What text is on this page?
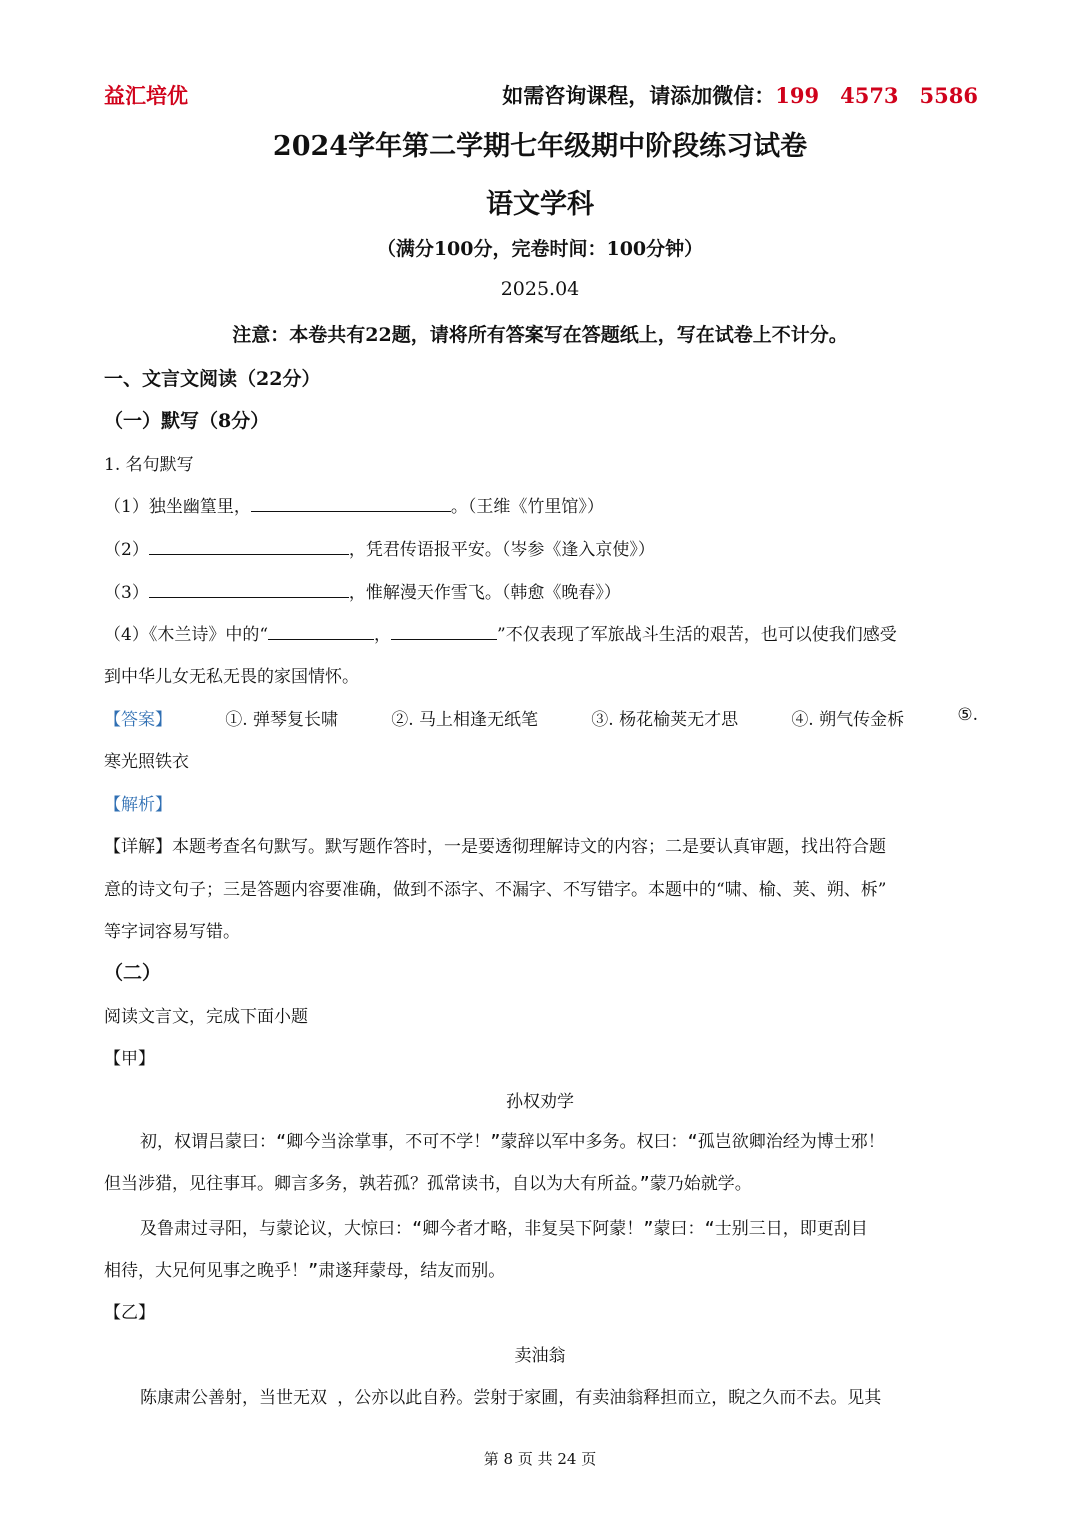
益汇培优	如需咨询课程，请添加微信：199　4573　5586
2024学年第二学期七年级期中阶段练习试卷
语文学科
（满分100分，完卷时间：100分钟）
2025.04
注意：本卷共有22题，请将所有答案写在答题纸上，写在试卷上不计分。
一、文言文阅读（22分）
（一）默写（8分）
1. 名句默写
（1）独坐幽篁里，	。（王维《竹里馆》）
（2）	，凭君传语报平安。（岑参《逢入京使》）
（3）	，惟解漫天作雪飞。（韩愈《晚春》）
（4）《木兰诗》中的“	，	”不仅表现了军旅战斗生活的艰苦，也可以使我们感受
到中华儿女无私无畏的家国情怀。
【答案】	①. 弹琴复长啸	②. 马上相逢无纸笔	③. 杨花榆荚无才思	④. 朔气传金柝	⑤.
寒光照铁衣
【解析】
【详解】本题考查名句默写。默写题作答时，一是要透彻理解诗文的内容；二是要认真审题，找出符合题
意的诗文句子；三是答题内容要准确，做到不添字、不漏字、不写错字。本题中的“啸、榆、荚、朔、柝”
等字词容易写错。
（二）
阅读文言文，完成下面小题
【甲】
孙权劝学
初，权谓吕蒙曰：“卿今当涂掌事，不可不学！”蒙辞以军中多务。权曰：“孤岂欲卿治经为博士邪！
但当涉猎，见往事耳。卿言多务，孰若孤？孤常读书，自以为大有所益。”蒙乃始就学。
及鲁肃过寻阳，与蒙论议，大惊曰：“卿今者才略，非复吴下阿蒙！”蒙曰：“士别三日，即更刮目
相待，大兄何见事之晚乎！”肃遂拜蒙母，结友而别。
【乙】
卖油翁
陈康肃公善射，当世无双 ，公亦以此自矜。尝射于家圃，有卖油翁释担而立，睨之久而不去。见其
第 8 页 共 24 页
